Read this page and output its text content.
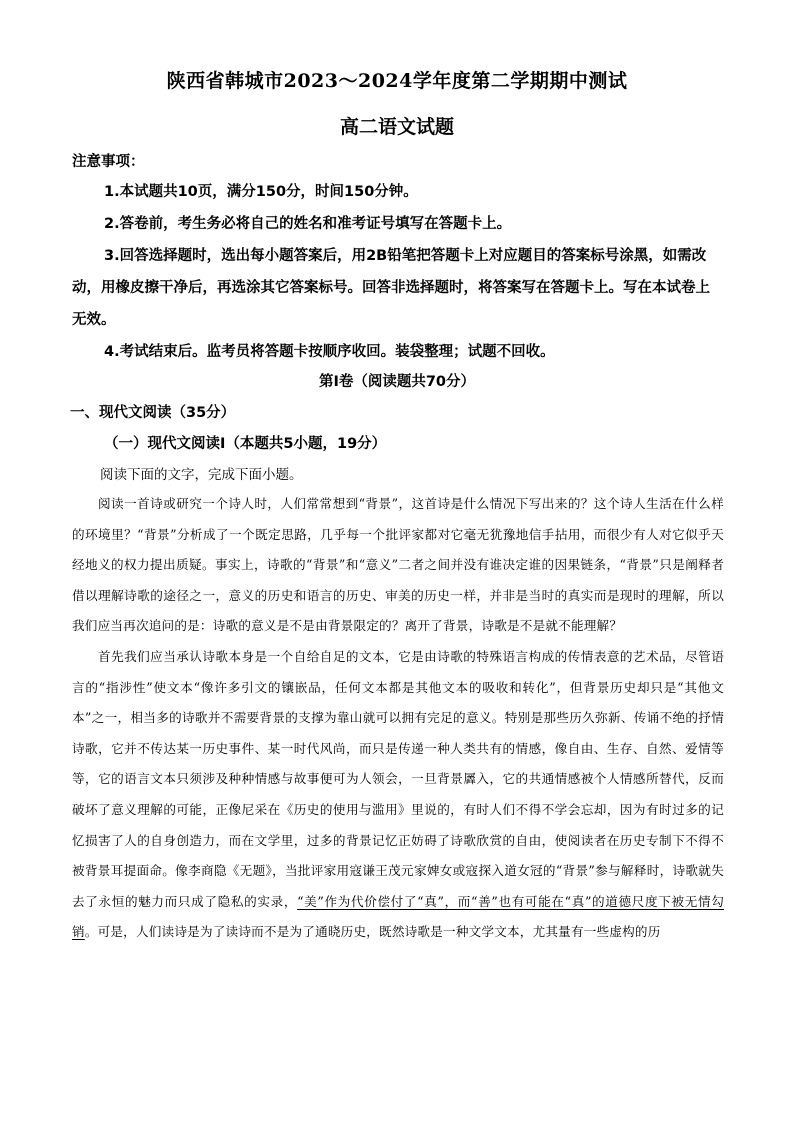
陕西省韩城市2023～2024学年度第二学期期中测试
高二语文试题
注意事项：

1.本试题共10页，满分150分，时间150分钟。

2.答卷前，考生务必将自己的姓名和准考证号填写在答题卡上。

3.回答选择题时，选出每小题答案后，用2B铅笔把答题卡上对应题目的答案标号涂黑，如需改动，用橡皮擦干净后，再选涂其它答案标号。回答非选择题时，将答案写在答题卡上。写在本试卷上无效。

4.考试结束后。监考员将答题卡按顺序收回。装袋整理；试题不回收。

第Ⅰ卷（阅读题共70分）
一、现代文阅读（35分）
（一）现代文阅读Ⅰ（本题共5小题，19分）
阅读下面的文字，完成下面小题。

阅读一首诗或研究一个诗人时，人们常常想到“背景”，这首诗是什么情况下写出来的？这个诗人生活在什么样的环境里？“背景”分析成了一个既定思路，几乎每一个批评家都对它毫无犹豫地信手拈用，而很少有人对它似乎天经地义的权力提出质疑。事实上，诗歌的“背景”和“意义”二者之间并没有谁决定谁的因果链条，“背景”只是阐释者借以理解诗歌的途径之一，意义的历史和语言的历史、审美的历史一样，并非是当时的真实而是现时的理解，所以我们应当再次追问的是：诗歌的意义是不是由背景限定的？离开了背景，诗歌是不是就不能理解？

首先我们应当承认诗歌本身是一个自给自足的文本，它是由诗歌的特殊语言构成的传情表意的艺术品，尽管语言的“指涉性”使文本“像许多引文的镶嵌品，任何文本都是其他文本的吸收和转化”，但背景历史却只是“其他文本”之一，相当多的诗歌并不需要背景的支撑为靠山就可以拥有完足的意义。特别是那些历久弥新、传诵不绝的抒情诗歌，它并不传达某一历史事件、某一时代风尚，而只是传递一种人类共有的情感，像自由、生存、自然、爱情等等，它的语言文本只须涉及种种情感与故事便可为人领会，一旦背景羼入，它的共通情感被个人情感所替代，反而破坏了意义理解的可能，正像尼采在《历史的使用与滥用》里说的，有时人们不得不学会忘却，因为有时过多的记忆损害了人的自身创造力，而在文学里，过多的背景记忆正妨碍了诗歌欣赏的自由，使阅读者在历史专制下不得不被背景耳提面命。像李商隐《无题》，当批评家用寇谦王茂元家婢女或寇探入道女冠的“背景”参与解释时，诗歌就失去了永恒的魅力而只成了隐私的实录，“美”作为代价偿付了“真”，而“善”也有可能在“真”的道德尺度下被无情勾销。可是，人们读诗是为了读诗而不是为了通晓历史，既然诗歌是一种文学文本，尤其量有一些虚构的历
